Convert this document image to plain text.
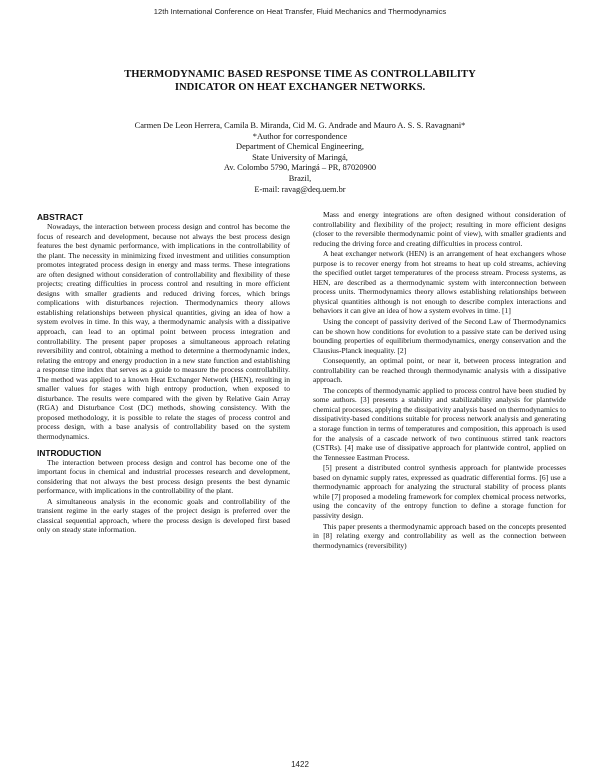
12th International Conference on Heat Transfer, Fluid Mechanics and Thermodynamics
THERMODYNAMIC BASED RESPONSE TIME AS CONTROLLABILITY
INDICATOR ON HEAT EXCHANGER NETWORKS.
Carmen De Leon Herrera, Camila B. Miranda, Cid M. G. Andrade and Mauro A. S. S. Ravagnani*
*Author for correspondence
Department of Chemical Engineering,
State University of Maringá,
Av. Colombo 5790, Maringá – PR, 87020900
Brazil,
E-mail: ravag@deq.uem.br
ABSTRACT

Nowadays, the interaction between process design and control has become the focus of research and development, because not always the best process design features the best dynamic performance, with implications in the controllability of the plant. The necessity in minimizing fixed investment and utilities consumption promotes integrated process design in energy and mass terms. These integrations are often designed without consideration of controllability and flexibility of these projects; creating difficulties in process control and resulting in more efficient designs with smaller gradients and reduced driving forces, which brings complications with disturbances rejection. Thermodynamics theory allows establishing relationships between physical quantities, giving an idea of how a system evolves in time. In this way, a thermodynamic analysis with a dissipative approach, can lead to an optimal point between process integration and controllability. The present paper proposes a simultaneous approach relating reversibility and control, obtaining a method to determine a thermodynamic index, relating the entropy and energy production in a new state function and establishing a response time index that serves as a guide to measure the process controllability. The method was applied to a known Heat Exchanger Network (HEN), resulting in smaller values for stages with high entropy production, when exposed to disturbance. The results were compared with the given by Relative Gain Array (RGA) and Disturbance Cost (DC) methods, showing consistency. With the proposed methodology, it is possible to relate the stages of process control and process design, with a base analysis of controllability based on the system thermodynamics.

INTRODUCTION

The interaction between process design and control has become one of the important focus in chemical and industrial processes research and development, considering that not always the best process design presents the best dynamic performance, with implications in the controllability of the plant.

A simultaneous analysis in the economic goals and controllability of the transient regime in the early stages of the project design is preferred over the classical sequential approach, where the process design is developed first based only on steady state information.

Mass and energy integrations are often designed without consideration of controllability and flexibility of the project; resulting in more efficient designs (closer to the reversible thermodynamic point of view), with smaller gradients and reducing the driving force and creating difficulties in process control.

A heat exchanger network (HEN) is an arrangement of heat exchangers whose purpose is to recover energy from hot streams to heat up cold streams, achieving the specified outlet target temperatures of the process stream. Process systems, as HEN, are described as a thermodynamic system with interconnection between process units. Thermodynamics theory allows establishing relationships between physical quantities although is not enough to describe complex interactions and behaviors it can give an idea of how a system evolves in time. [1]

Using the concept of passivity derived of the Second Law of Thermodynamics can be shown how conditions for evolution to a passive state can be derived using bounding properties of equilibrium thermodynamics, energy conservation and the Clausius-Planck inequality. [2]

Consequently, an optimal point, or near it, between process integration and controllability can be reached through thermodynamic analysis with a dissipative approach.

The concepts of thermodynamic applied to process control have been studied by some authors. [3] presents a stability and stabilizability analysis for plantwide chemical processes, applying the dissipativity analysis based on thermodynamics to dissipativity-based conditions suitable for process network analysis and generating a storage function in terms of temperatures and composition, this approach is used for the analysis of a cascade network of two continuous stirred tank reactors (CSTRs). [4] make use of dissipative approach for plantwide control, applied on the Tennessee Eastman Process.

[5] present a distributed control synthesis approach for plantwide processes based on dynamic supply rates, expressed as quadratic differential forms. [6] use a thermodynamic approach for analyzing the structural stability of process plants while [7] proposed a modeling framework for complex chemical process networks, using the concavity of the entropy function to define a storage function for passivity design.

This paper presents a thermodynamic approach based on the concepts presented in [8] relating exergy and controllability as well as the connection between thermodynamics (reversibility)

1422
